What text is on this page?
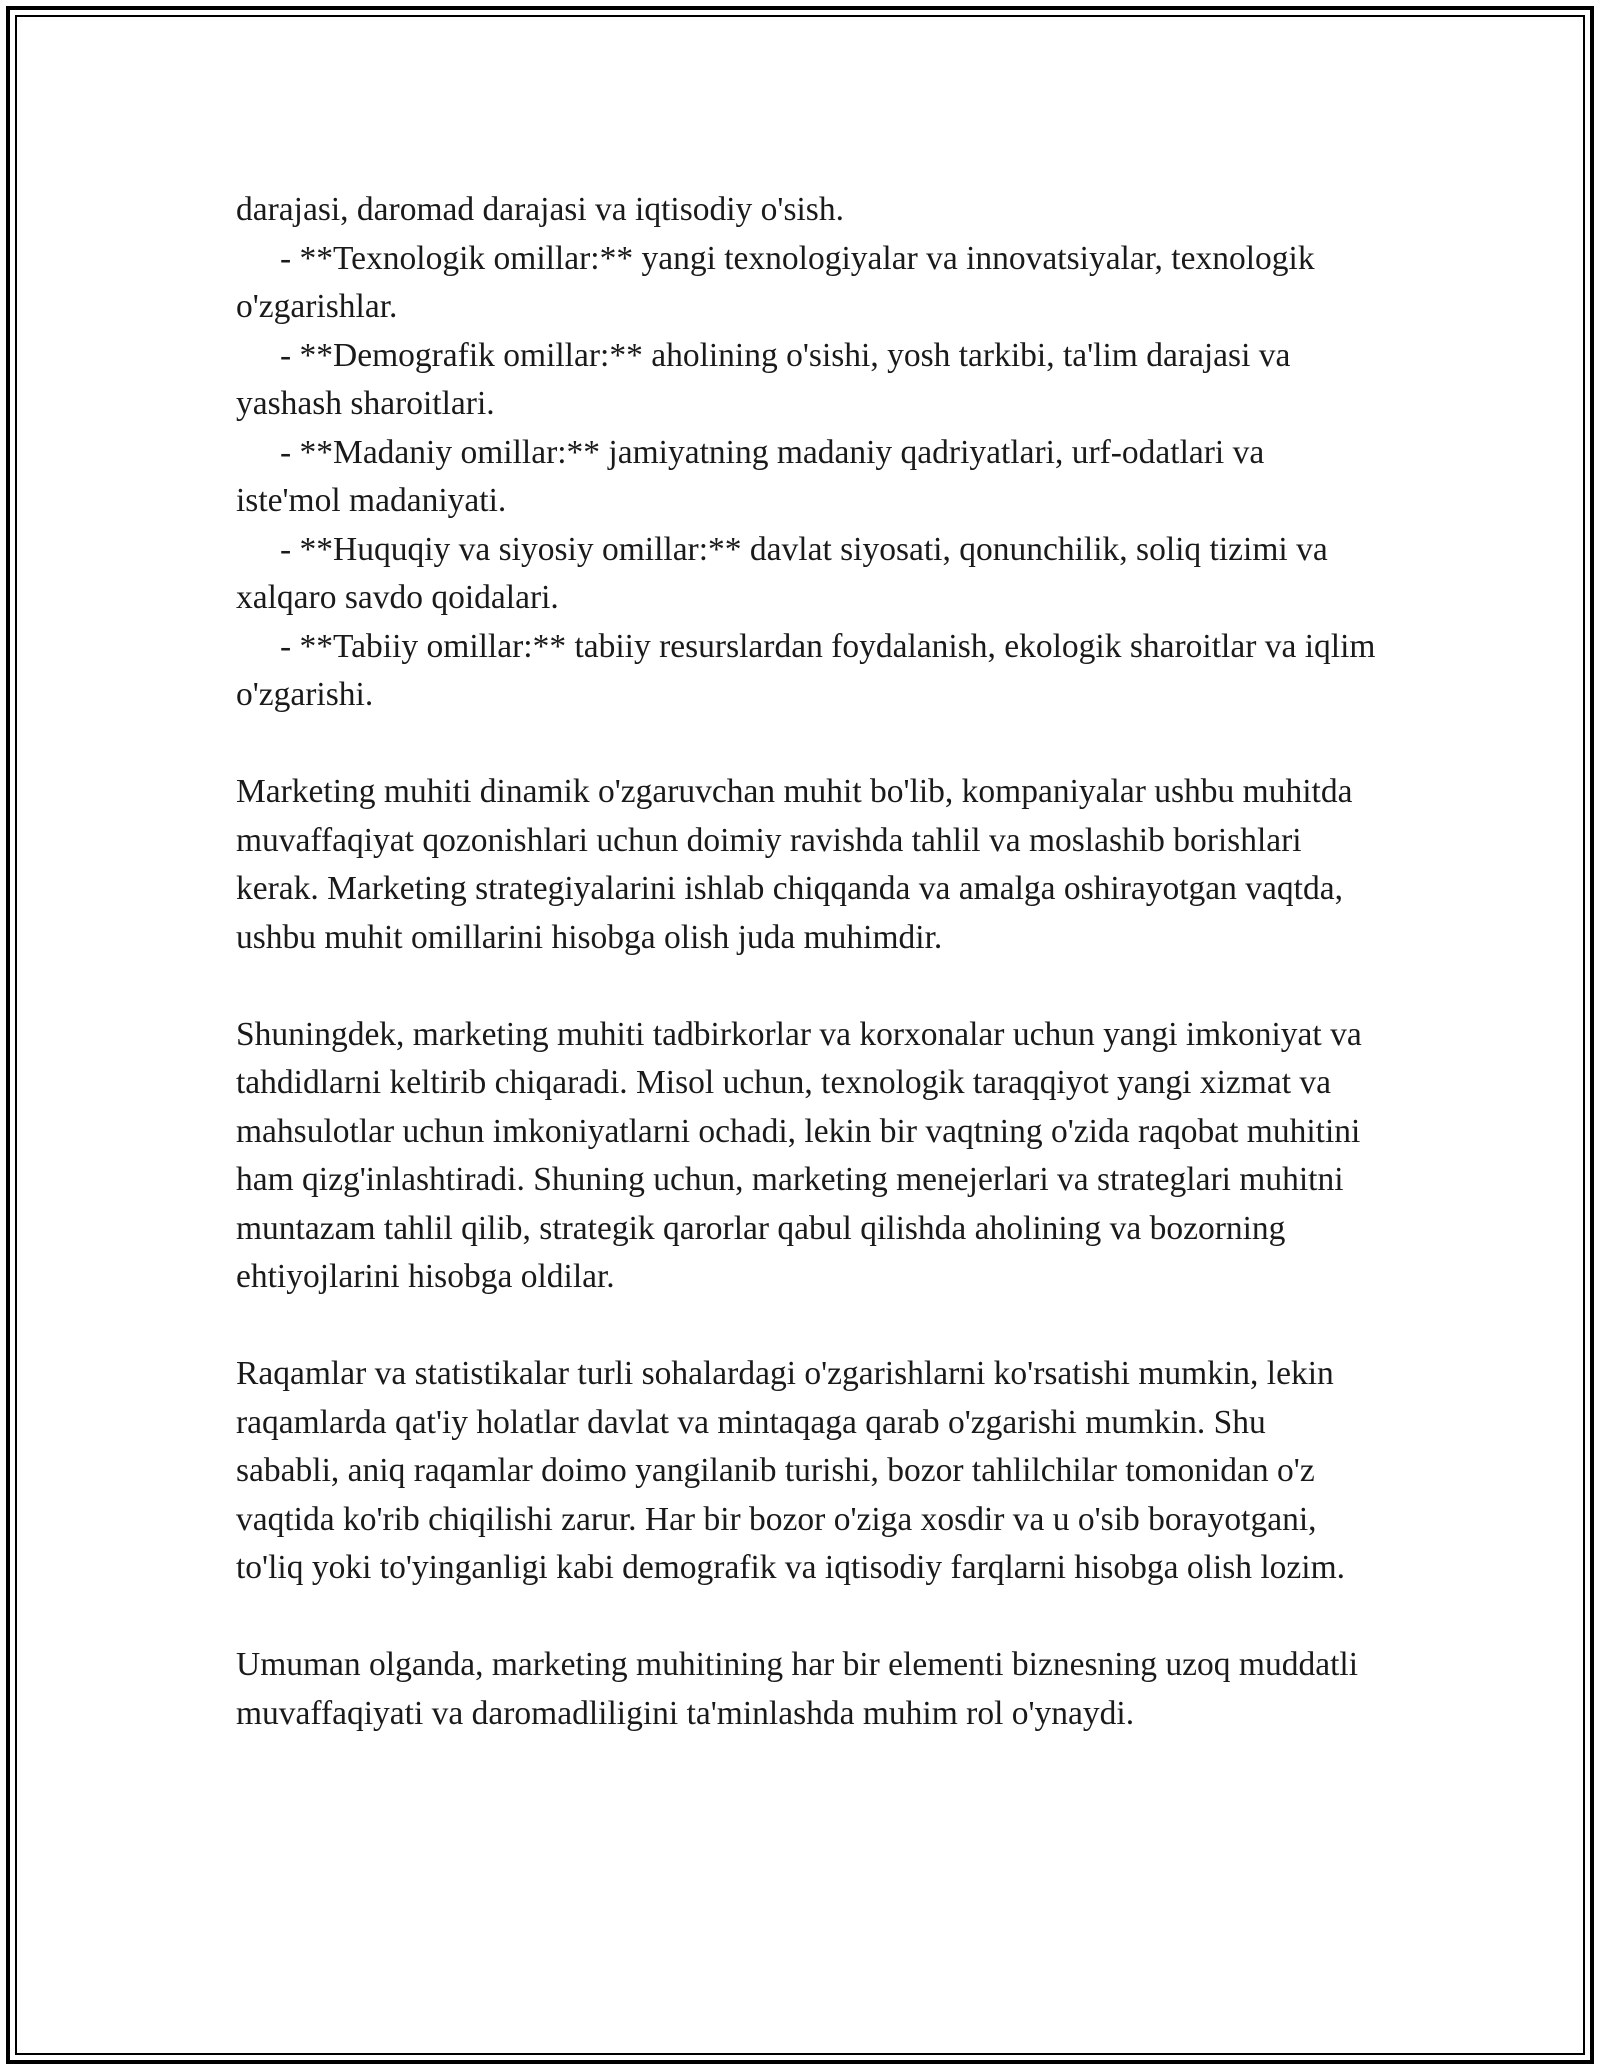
darajasi, daromad darajasi va iqtisodiy o'sish.

- **Texnologik omillar:** yangi texnologiyalar va innovatsiyalar, texnologik o'zgarishlar.

- **Demografik omillar:** aholining o'sishi, yosh tarkibi, ta'lim darajasi va yashash sharoitlari.

- **Madaniy omillar:** jamiyatning madaniy qadriyatlari, urf-odatlari va iste'mol madaniyati.

- **Huquqiy va siyosiy omillar:** davlat siyosati, qonunchilik, soliq tizimi va xalqaro savdo qoidalari.

- **Tabiiy omillar:** tabiiy resurslardan foydalanish, ekologik sharoitlar va iqlim o'zgarishi.

Marketing muhiti dinamik o'zgaruvchan muhit bo'lib, kompaniyalar ushbu muhitda muvaffaqiyat qozonishlari uchun doimiy ravishda tahlil va moslashib borishlari kerak. Marketing strategiyalarini ishlab chiqqanda va amalga oshirayotgan vaqtda, ushbu muhit omillarini hisobga olish juda muhimdir.

Shuningdek, marketing muhiti tadbirkorlar va korxonalar uchun yangi imkoniyat va tahdidlarni keltirib chiqaradi. Misol uchun, texnologik taraqqiyot yangi xizmat va mahsulotlar uchun imkoniyatlarni ochadi, lekin bir vaqtning o'zida raqobat muhitini ham qizg'inlashtiradi. Shuning uchun, marketing menejerlari va strateglari muhitni muntazam tahlil qilib, strategik qarorlar qabul qilishda aholining va bozorning ehtiyojlarini hisobga oldilar.

Raqamlar va statistikalar turli sohalardagi o'zgarishlarni ko'rsatishi mumkin, lekin raqamlarda qat'iy holatlar davlat va mintaqaga qarab o'zgarishi mumkin. Shu sababli, aniq raqamlar doimo yangilanib turishi, bozor tahlilchilar tomonidan o'z vaqtida ko'rib chiqilishi zarur. Har bir bozor o'ziga xosdir va u o'sib borayotgani, to'liq yoki to'yinganligi kabi demografik va iqtisodiy farqlarni hisobga olish lozim.

Umuman olganda, marketing muhitining har bir elementi biznesning uzoq muddatli muvaffaqiyati va daromadliligini ta'minlashda muhim rol o'ynaydi.
